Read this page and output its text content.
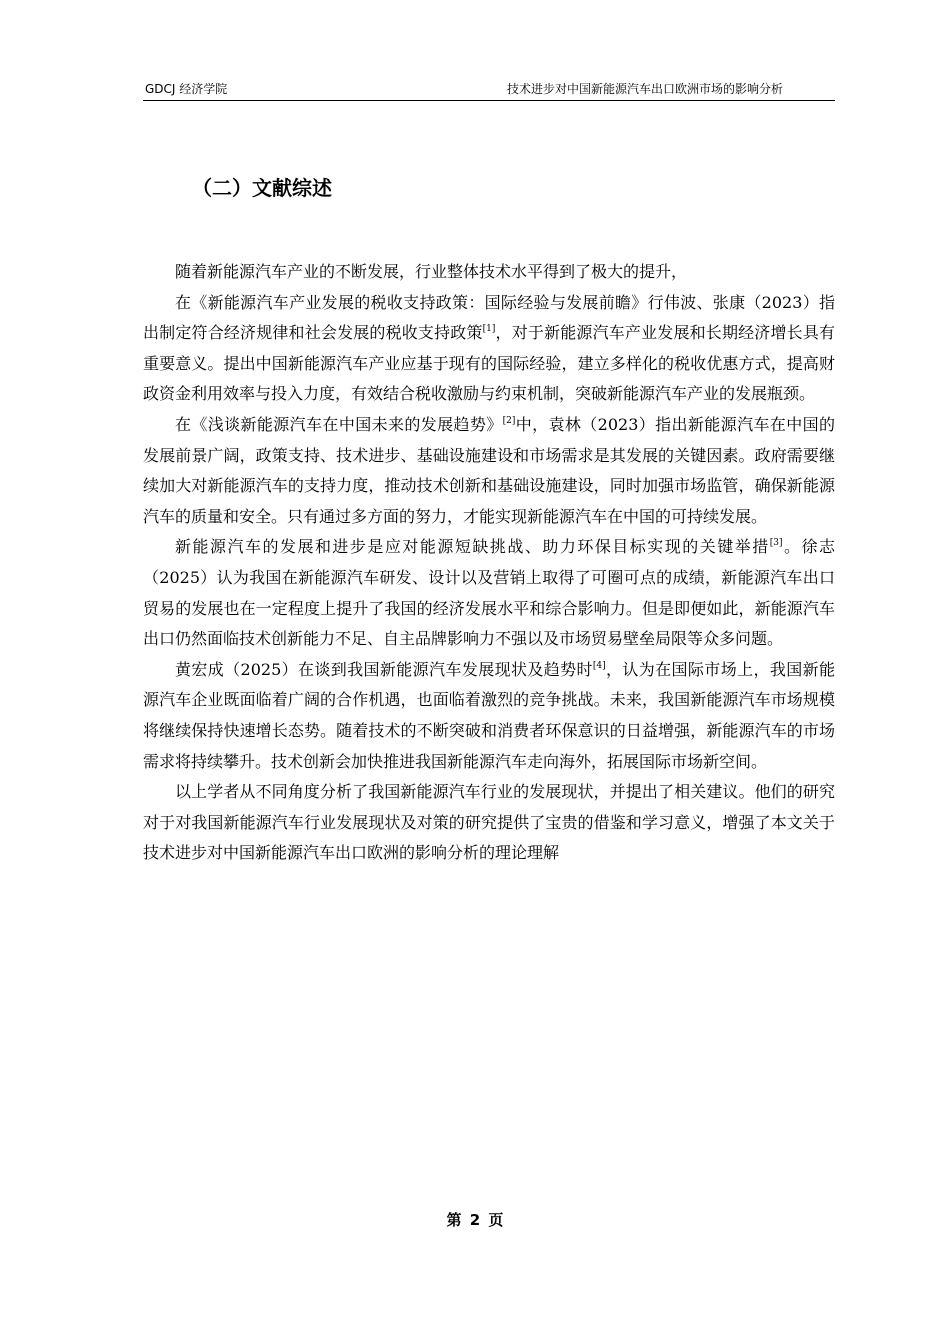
GDCJ 经济学院	技术进步对中国新能源汽车出口欧洲市场的影响分析
（二）文献综述

随着新能源汽车产业的不断发展，行业整体技术水平得到了极大的提升，

在《新能源汽车产业发展的税收支持政策：国际经验与发展前瞻》行伟波、张康（2023）指出制定符合经济规律和社会发展的税收支持政策[1]，对于新能源汽车产业发展和长期经济增长具有重要意义。提出中国新能源汽车产业应基于现有的国际经验，建立多样化的税收优惠方式，提高财政资金利用效率与投入力度，有效结合税收激励与约束机制，突破新能源汽车产业的发展瓶颈。

在《浅谈新能源汽车在中国未来的发展趋势》[2]中，袁林（2023）指出新能源汽车在中国的发展前景广阔，政策支持、技术进步、基础设施建设和市场需求是其发展的关键因素。政府需要继续加大对新能源汽车的支持力度，推动技术创新和基础设施建设，同时加强市场监管，确保新能源汽车的质量和安全。只有通过多方面的努力，才能实现新能源汽车在中国的可持续发展。

新能源汽车的发展和进步是应对能源短缺挑战、助力环保目标实现的关键举措[3]。徐志（2025）认为我国在新能源汽车研发、设计以及营销上取得了可圈可点的成绩，新能源汽车出口贸易的发展也在一定程度上提升了我国的经济发展水平和综合影响力。但是即便如此，新能源汽车出口仍然面临技术创新能力不足、自主品牌影响力不强以及市场贸易壁垒局限等众多问题。

黄宏成（2025）在谈到我国新能源汽车发展现状及趋势时[4]，认为在国际市场上，我国新能源汽车企业既面临着广阔的合作机遇，也面临着激烈的竞争挑战。未来，我国新能源汽车市场规模将继续保持快速增长态势。随着技术的不断突破和消费者环保意识的日益增强，新能源汽车的市场需求将持续攀升。技术创新会加快推进我国新能源汽车走向海外，拓展国际市场新空间。

以上学者从不同角度分析了我国新能源汽车行业的发展现状，并提出了相关建议。他们的研究对于对我国新能源汽车行业发展现状及对策的研究提供了宝贵的借鉴和学习意义，增强了本文关于技术进步对中国新能源汽车出口欧洲的影响分析的理论理解

第 2 页
